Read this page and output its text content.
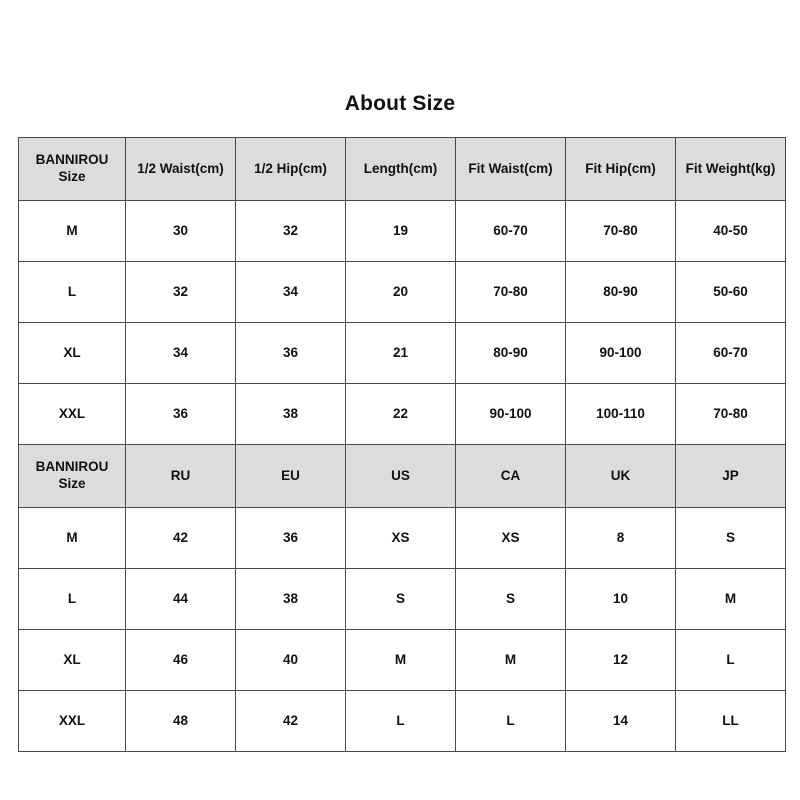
About Size
BANNIROU
Size	1/2 Waist(cm)	1/2 Hip(cm)	Length(cm)	Fit Waist(cm)	Fit Hip(cm)	Fit Weight(kg)
M	30	32	19	60-70	70-80	40-50
L	32	34	20	70-80	80-90	50-60
XL	34	36	21	80-90	90-100	60-70
XXL	36	38	22	90-100	100-110	70-80

BANNIROU
Size	RU	EU	US	CA	UK	JP
M	42	36	XS	XS	8	S
L	44	38	S	S	10	M
XL	46	40	M	M	12	L
XXL	48	42	L	L	14	LL
